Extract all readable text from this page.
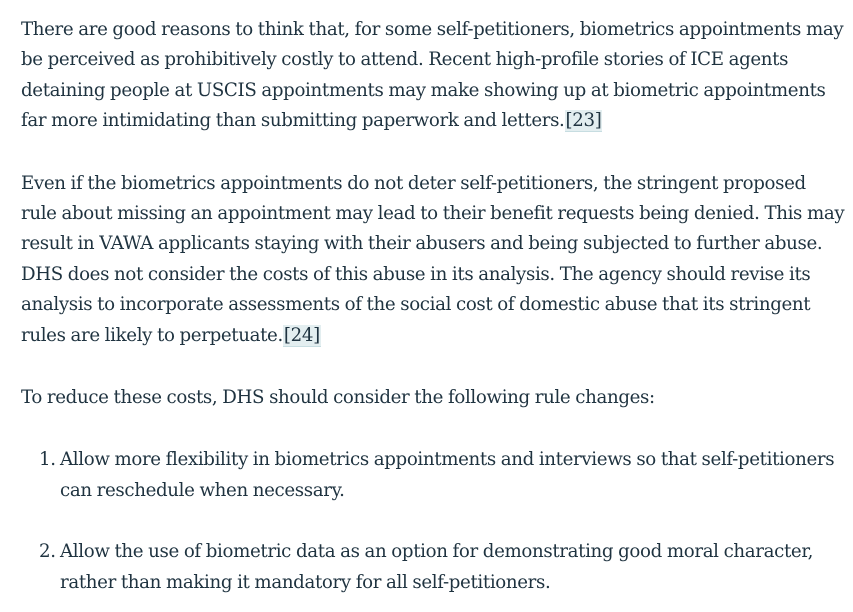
There are good reasons to think that, for some self-petitioners, biometrics appointments may be perceived as prohibitively costly to attend. Recent high-profile stories of ICE agents detaining people at USCIS appointments may make showing up at biometric appointments far more intimidating than submitting paperwork and letters.[23]

Even if the biometrics appointments do not deter self-petitioners, the stringent proposed rule about missing an appointment may lead to their benefit requests being denied. This may result in VAWA applicants staying with their abusers and being subjected to further abuse. DHS does not consider the costs of this abuse in its analysis. The agency should revise its analysis to incorporate assessments of the social cost of domestic abuse that its stringent rules are likely to perpetuate.[24]

To reduce these costs, DHS should consider the following rule changes:

1. Allow more flexibility in biometrics appointments and interviews so that self-petitioners can reschedule when necessary.
2. Allow the use of biometric data as an option for demonstrating good moral character, rather than making it mandatory for all self-petitioners.
